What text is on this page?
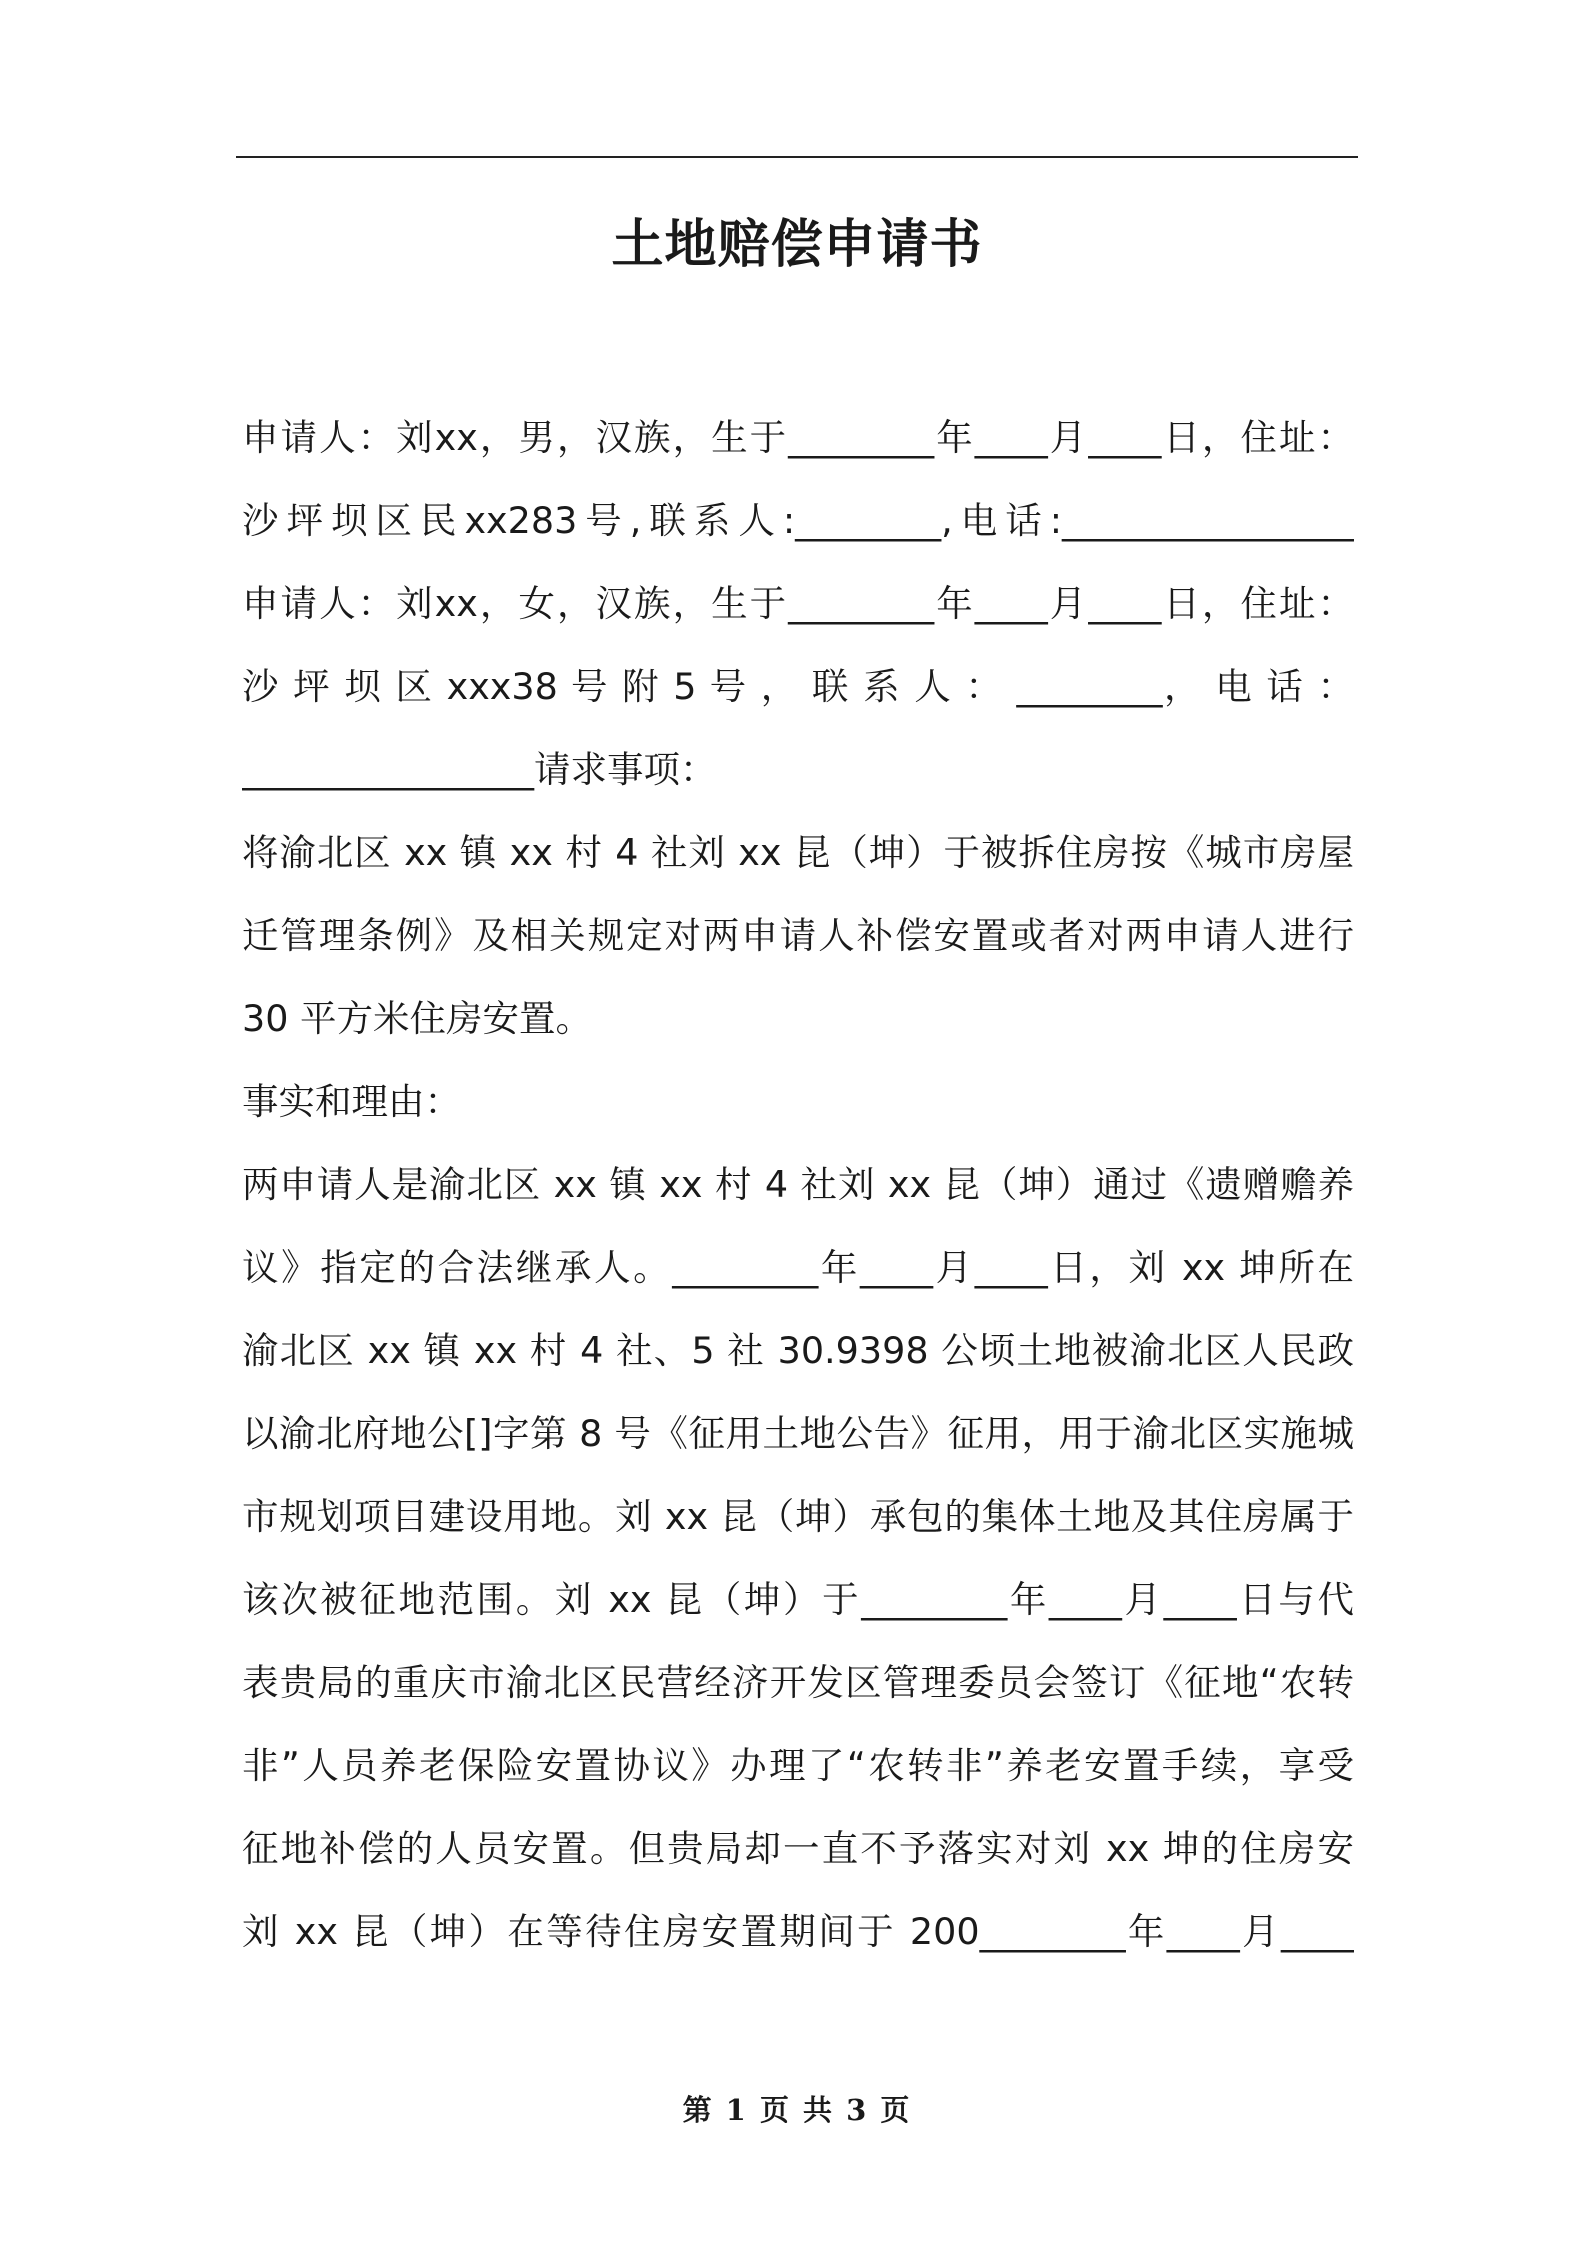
土地赔偿申请书
申请人：刘xx，男，汉族，生于________年____月____日，住址：
沙坪坝区民xx283号,联系人:________,电话:________________
申请人：刘xx，女，汉族，生于________年____月____日，住址：
沙 坪 坝 区 xxx38 号 附 5 号 ， 联 系 人 ： ________， 电 话 ：
________________请求事项：
将渝北区 xx 镇 xx 村 4 社刘 xx 昆（坤）于被拆住房按《城市房屋
迁管理条例》及相关规定对两申请人补偿安置或者对两申请人进行
30 平方米住房安置。
事实和理由：
两申请人是渝北区 xx 镇 xx 村 4 社刘 xx 昆（坤）通过《遗赠赡养
议》指定的合法继承人。________年____月____日，刘 xx 坤所在
渝北区 xx 镇 xx 村 4 社、5 社 30.9398 公顷土地被渝北区人民政
以渝北府地公[]字第 8 号《征用土地公告》征用，用于渝北区实施城
市规划项目建设用地。刘 xx 昆（坤）承包的集体土地及其住房属于
该次被征地范围。刘 xx 昆（坤）于________年____月____日与代
表贵局的重庆市渝北区民营经济开发区管理委员会签订《征地“农转
非”人员养老保险安置协议》办理了“农转非”养老安置手续，享受
征地补偿的人员安置。但贵局却一直不予落实对刘 xx 坤的住房安
刘 xx 昆（坤）在等待住房安置期间于 200________年____月____
第 1 页 共 3 页
